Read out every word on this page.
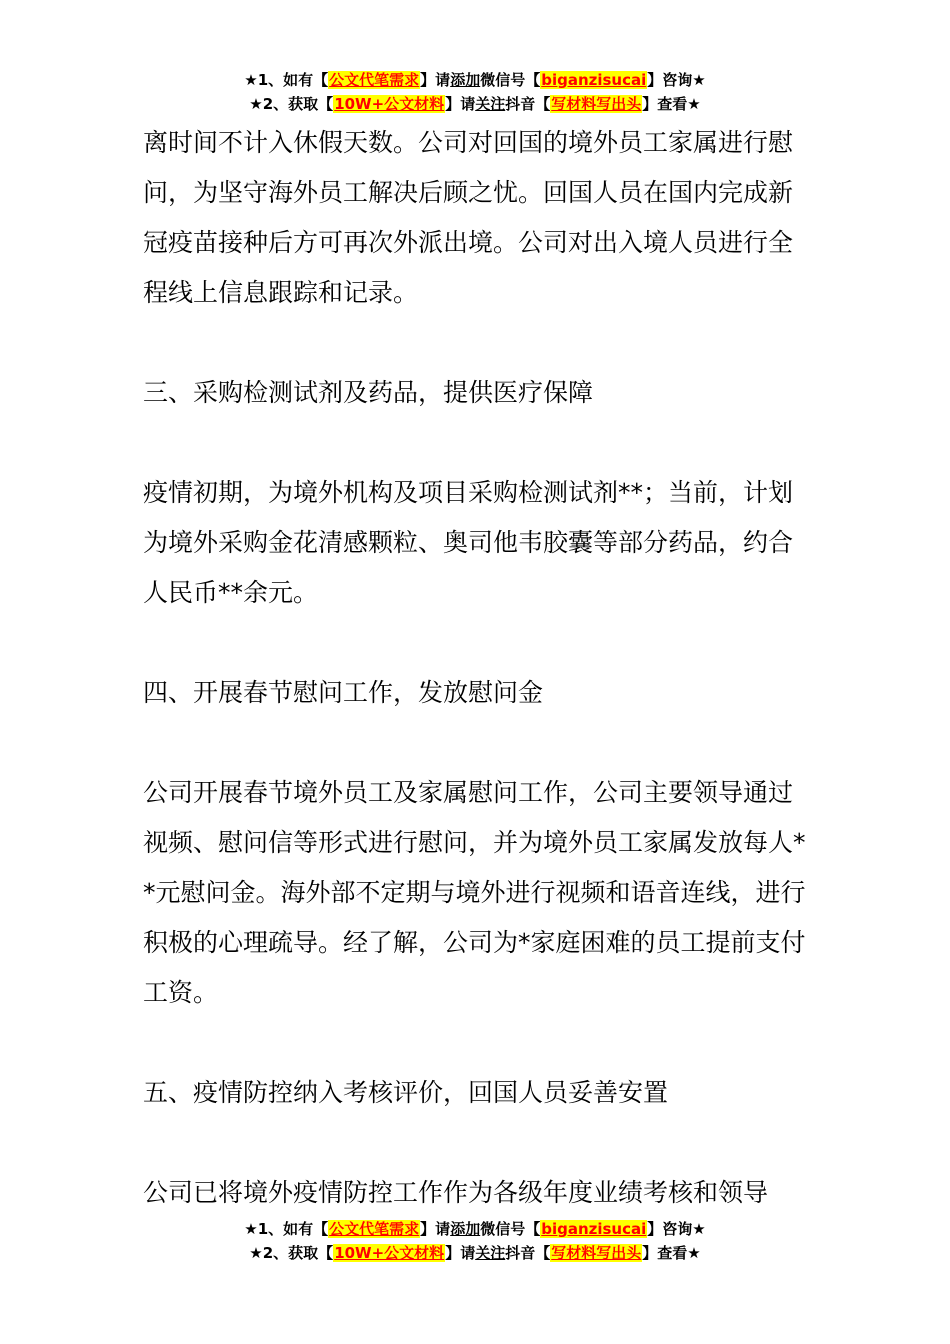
★1、如有【公文代笔需求】请添加微信号【biganzisucai】咨询★
★2、获取【10W+公文材料】请关注抖音【写材料写出头】查看★

离时间不计入休假天数。公司对回国的境外员工家属进行慰问，为坚守海外员工解决后顾之忧。回国人员在国内完成新冠疫苗接种后方可再次外派出境。公司对出入境人员进行全程线上信息跟踪和记录。

三、采购检测试剂及药品，提供医疗保障

疫情初期，为境外机构及项目采购检测试剂**；当前，计划为境外采购金花清感颗粒、奥司他韦胶囊等部分药品，约合人民币**余元。

四、开展春节慰问工作，发放慰问金

公司开展春节境外员工及家属慰问工作，公司主要领导通过视频、慰问信等形式进行慰问，并为境外员工家属发放每人**元慰问金。海外部不定期与境外进行视频和语音连线，进行积极的心理疏导。经了解，公司为*家庭困难的员工提前支付工资。

五、疫情防控纳入考核评价，回国人员妥善安置

公司已将境外疫情防控工作作为各级年度业绩考核和领导

★1、如有【公文代笔需求】请添加微信号【biganzisucai】咨询★
★2、获取【10W+公文材料】请关注抖音【写材料写出头】查看★
